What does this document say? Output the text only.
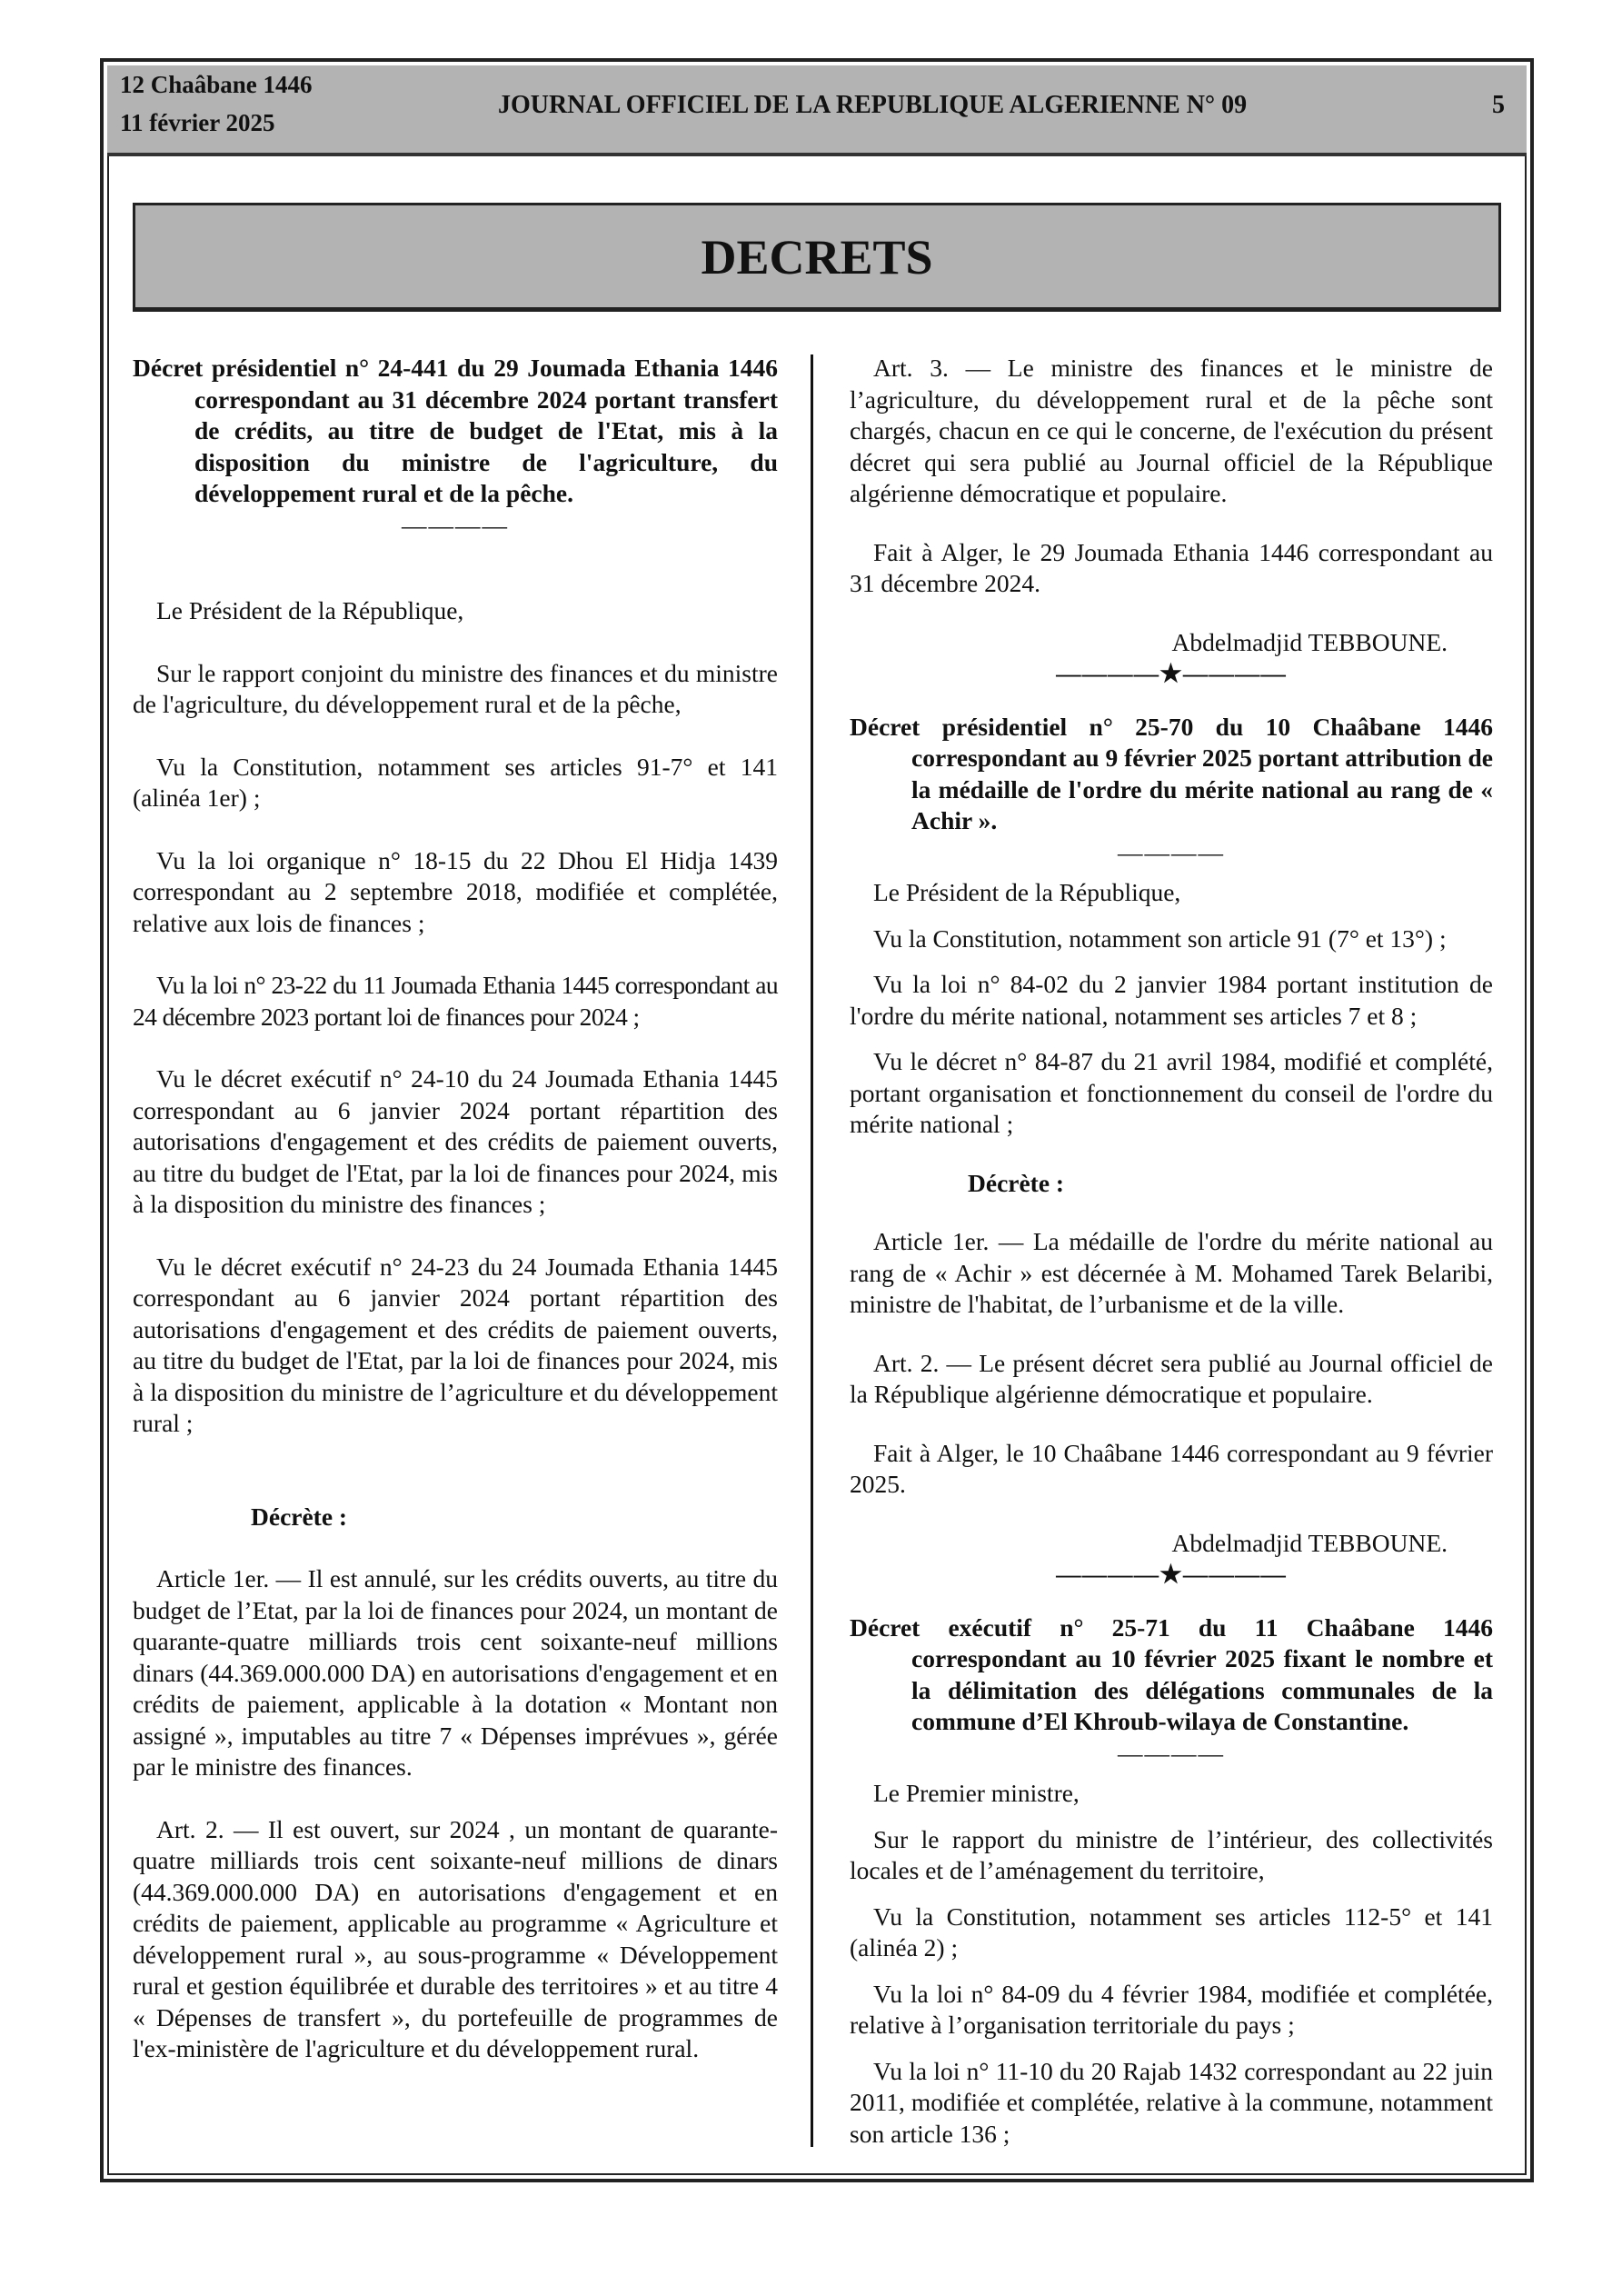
12 Chaâbane 1446
11 février 2025
JOURNAL OFFICIEL DE LA REPUBLIQUE ALGERIENNE N° 09	5
DECRETS

Décret présidentiel n° 24-441 du 29 Joumada Ethania 1446 correspondant au 31 décembre 2024 portant transfert de crédits, au titre de budget de l'Etat, mis à la disposition du ministre de l'agriculture, du développement rural et de la pêche.

————

Le Président de la République,

Sur le rapport conjoint du ministre des finances et du ministre de l'agriculture, du développement rural et de la pêche,

Vu la Constitution, notamment ses articles 91-7° et 141 (alinéa 1er) ;

Vu la loi organique n° 18-15 du 22 Dhou El Hidja 1439 correspondant au 2 septembre 2018, modifiée et complétée, relative aux lois de finances ;

Vu la loi n° 23-22 du 11 Joumada Ethania 1445 correspondant au 24 décembre 2023 portant loi de finances pour 2024 ;

Vu le décret exécutif n° 24-10 du 24 Joumada Ethania 1445 correspondant au 6 janvier 2024 portant répartition des autorisations d'engagement et des crédits de paiement ouverts, au titre du budget de l'Etat, par la loi de finances pour 2024, mis à la disposition du ministre des finances ;

Vu le décret exécutif n° 24-23 du 24 Joumada Ethania 1445 correspondant au 6 janvier 2024 portant répartition des autorisations d'engagement et des crédits de paiement ouverts, au titre du budget de l'Etat, par la loi de finances pour 2024, mis à la disposition du ministre de l’agriculture et du développement rural ;

Décrète :

Article 1er. — Il est annulé, sur les crédits ouverts, au titre du budget de l’Etat, par la loi de finances pour 2024, un montant de quarante-quatre milliards trois cent soixante-neuf millions dinars (44.369.000.000 DA) en autorisations d'engagement et en crédits de paiement, applicable à la dotation « Montant non assigné », imputables au titre 7 « Dépenses imprévues », gérée par le ministre des finances.

Art. 2. — Il est ouvert, sur 2024 , un montant de quarante-quatre milliards trois cent soixante-neuf millions de dinars (44.369.000.000 DA) en autorisations d'engagement et en crédits de paiement, applicable au programme « Agriculture et développement rural », au sous-programme « Développement rural et gestion équilibrée et durable des territoires » et au titre 4 « Dépenses de transfert », du portefeuille de programmes de l'ex-ministère de l'agriculture et du développement rural.

Art. 3. — Le ministre des finances et le ministre de l’agriculture, du développement rural et de la pêche sont chargés, chacun en ce qui le concerne, de l'exécution du présent décret qui sera publié au Journal officiel de la République algérienne démocratique et populaire.

Fait à Alger, le 29 Joumada Ethania 1446 correspondant au 31 décembre 2024.

Abdelmadjid TEBBOUNE.

————★————

Décret présidentiel n° 25-70 du 10 Chaâbane 1446 correspondant au 9 février 2025 portant attribution de la médaille de l'ordre du mérite national au rang de « Achir ».

————

Le Président de la République,

Vu la Constitution, notamment son article 91 (7° et 13°) ;

Vu la loi n° 84-02 du 2 janvier 1984 portant institution de l'ordre du mérite national, notamment ses articles 7 et 8 ;

Vu le décret n° 84-87 du 21 avril 1984, modifié et complété, portant organisation et fonctionnement du conseil de l'ordre du mérite national ;

Décrète :

Article 1er. — La médaille de l'ordre du mérite national au rang de « Achir » est décernée à M. Mohamed Tarek Belaribi, ministre de l'habitat, de l’urbanisme et de la ville.

Art. 2. — Le présent décret sera publié au Journal officiel de la République algérienne démocratique et populaire.

Fait à Alger, le 10 Chaâbane 1446 correspondant au 9 février 2025.

Abdelmadjid TEBBOUNE.

————★————

Décret exécutif n° 25-71 du 11 Chaâbane 1446 correspondant au 10 février 2025 fixant le nombre et la délimitation des délégations communales de la commune d’El Khroub-wilaya de Constantine.

————

Le Premier ministre,

Sur le rapport du ministre de l’intérieur, des collectivités locales et de l’aménagement du territoire,

Vu la Constitution, notamment ses articles 112-5° et 141 (alinéa 2) ;

Vu la loi n° 84-09 du 4 février 1984, modifiée et complétée, relative à l’organisation territoriale du pays ;

Vu la loi n° 11-10 du 20 Rajab 1432 correspondant au 22 juin 2011, modifiée et complétée, relative à la commune, notamment son article 136 ;
